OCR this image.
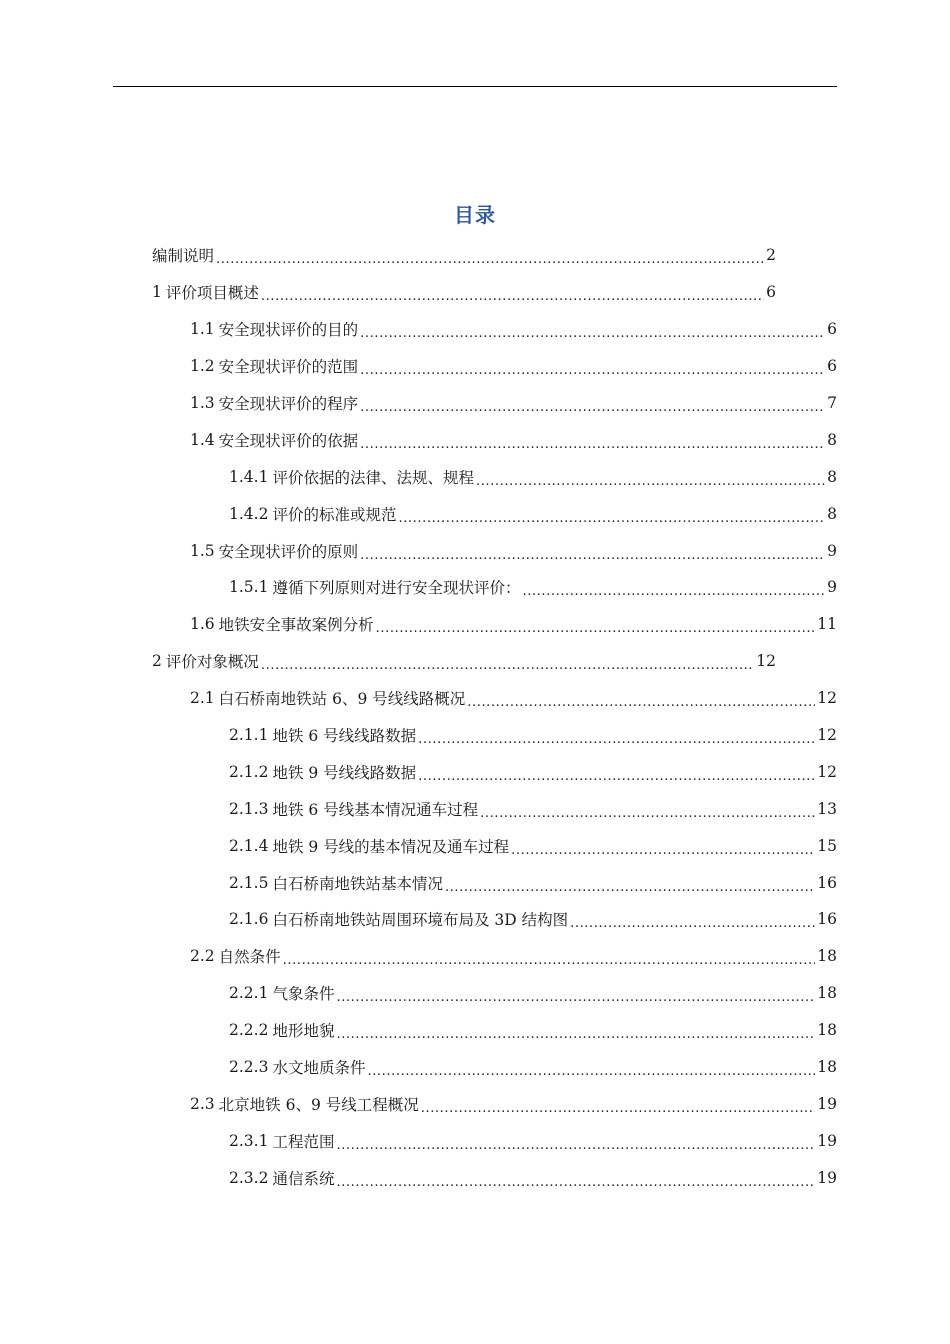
目录
编制说明 .....	2
1 评价项目概述 .....	6
1.1 安全现状评价的目的 .....	6
1.2 安全现状评价的范围 .....	6
1.3 安全现状评价的程序 .....	7
1.4 安全现状评价的依据 .....	8
1.4.1 评价依据的法律、法规、规程 .....	8
1.4.2 评价的标准或规范 .....	8
1.5 安全现状评价的原则 .....	9
1.5.1 遵循下列原则对进行安全现状评价： .....	9
1.6 地铁安全事故案例分析 .....	11
2 评价对象概况 .....	12
2.1 白石桥南地铁站 6、9 号线线路概况 .....	12
2.1.1 地铁 6 号线线路数据 .....	12
2.1.2 地铁 9 号线线路数据 .....	12
2.1.3 地铁 6 号线基本情况通车过程 .....	13
2.1.4 地铁 9 号线的基本情况及通车过程 .....	15
2.1.5 白石桥南地铁站基本情况 .....	16
2.1.6 白石桥南地铁站周围环境布局及 3D 结构图 .....	16
2.2 自然条件 .....	18
2.2.1 气象条件 .....	18
2.2.2 地形地貌 .....	18
2.2.3 水文地质条件 .....	18
2.3 北京地铁 6、9 号线工程概况 .....	19
2.3.1 工程范围 .....	19
2.3.2 通信系统 .....	19
